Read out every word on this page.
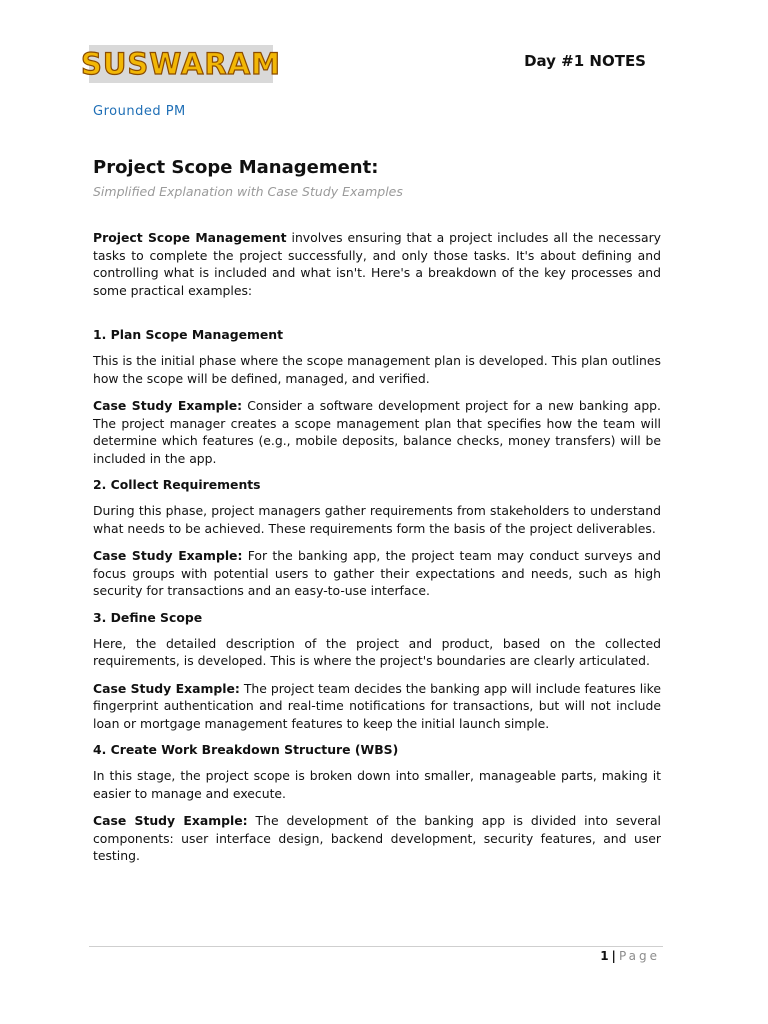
SUSWARAM	Day #1 NOTES
Grounded PM
Project Scope Management:
Simplified Explanation with Case Study Examples

Project Scope Management involves ensuring that a project includes all the necessary tasks to complete the project successfully, and only those tasks. It's about defining and controlling what is included and what isn't. Here's a breakdown of the key processes and some practical examples:

1. Plan Scope Management

This is the initial phase where the scope management plan is developed. This plan outlines how the scope will be defined, managed, and verified.

Case Study Example: Consider a software development project for a new banking app. The project manager creates a scope management plan that specifies how the team will determine which features (e.g., mobile deposits, balance checks, money transfers) will be included in the app.

2. Collect Requirements

During this phase, project managers gather requirements from stakeholders to understand what needs to be achieved. These requirements form the basis of the project deliverables.

Case Study Example: For the banking app, the project team may conduct surveys and focus groups with potential users to gather their expectations and needs, such as high security for transactions and an easy-to-use interface.

3. Define Scope

Here, the detailed description of the project and product, based on the collected requirements, is developed. This is where the project's boundaries are clearly articulated.

Case Study Example: The project team decides the banking app will include features like fingerprint authentication and real-time notifications for transactions, but will not include loan or mortgage management features to keep the initial launch simple.

4. Create Work Breakdown Structure (WBS)

In this stage, the project scope is broken down into smaller, manageable parts, making it easier to manage and execute.

Case Study Example: The development of the banking app is divided into several components: user interface design, backend development, security features, and user testing.

1 | Page
